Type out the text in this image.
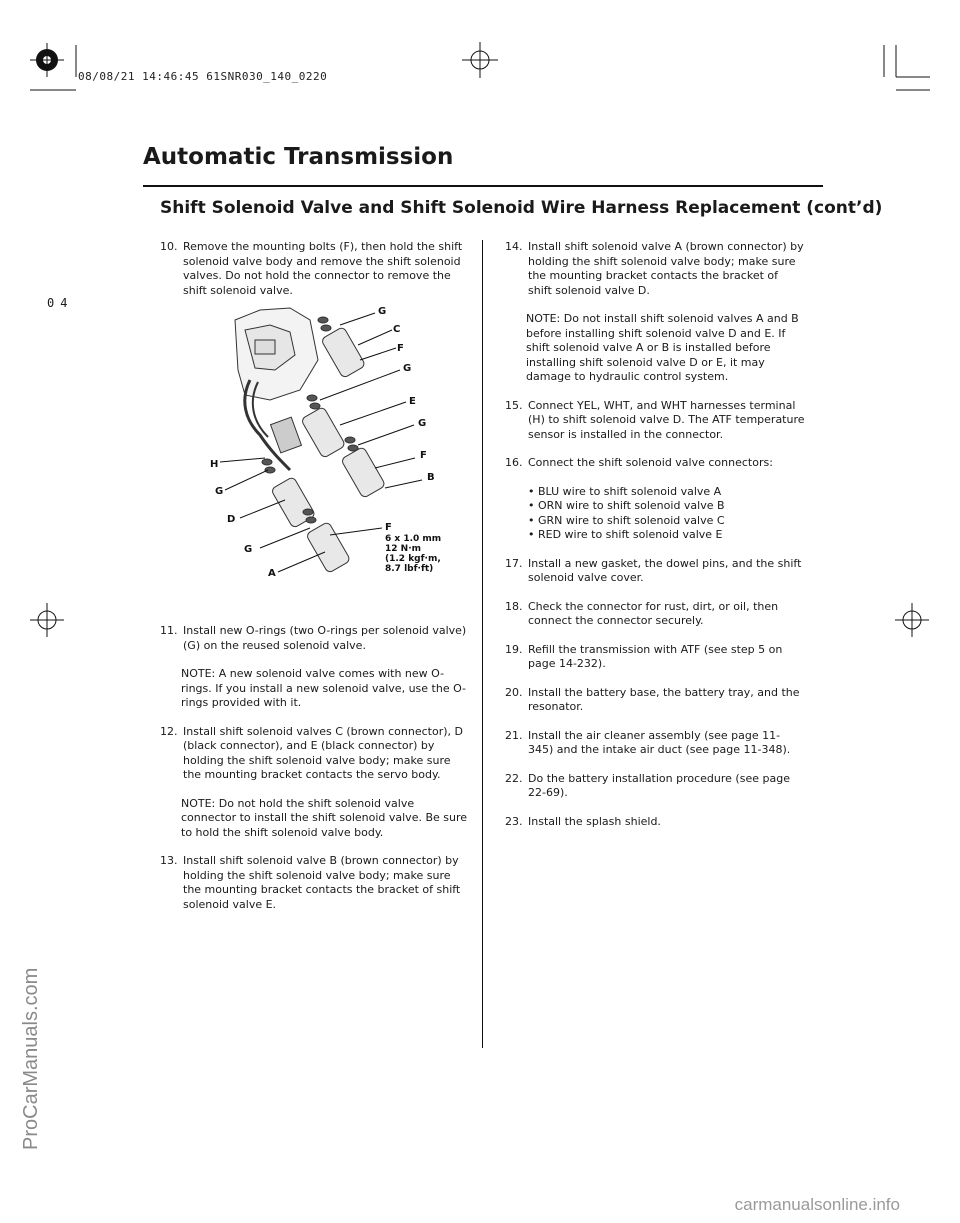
08/08/21 14:46:45 61SNR030_140_0220
04
ProCarManuals.com
Automatic Transmission
Shift Solenoid Valve and Shift Solenoid Wire Harness Replacement (cont’d)
10. Remove the mounting bolts (F), then hold the shift solenoid valve body and remove the shift solenoid valves. Do not hold the connector to remove the shift solenoid valve.
11. Install new O-rings (two O-rings per solenoid valve) (G) on the reused solenoid valve.
NOTE: A new solenoid valve comes with new O-rings. If you install a new solenoid valve, use the O-rings provided with it.
12. Install shift solenoid valves C (brown connector), D (black connector), and E (black connector) by holding the shift solenoid valve body; make sure the mounting bracket contacts the servo body.
NOTE: Do not hold the shift solenoid valve connector to install the shift solenoid valve. Be sure to hold the shift solenoid valve body.
13. Install shift solenoid valve B (brown connector) by holding the shift solenoid valve body; make sure the mounting bracket contacts the bracket of shift solenoid valve E.
G
C
F
G
E
G
F
B
H
G
D
F
G
A
6 x 1.0 mm
12 N·m
(1.2 kgf·m,
8.7 lbf·ft)
14. Install shift solenoid valve A (brown connector) by holding the shift solenoid valve body; make sure the mounting bracket contacts the bracket of shift solenoid valve D.
NOTE: Do not install shift solenoid valves A and B before installing shift solenoid valve D and E. If shift solenoid valve A or B is installed before installing shift solenoid valve D or E, it may damage to hydraulic control system.
15. Connect YEL, WHT, and WHT harnesses terminal (H) to shift solenoid valve D. The ATF temperature sensor is installed in the connector.
16. Connect the shift solenoid valve connectors:
• BLU wire to shift solenoid valve A
• ORN wire to shift solenoid valve B
• GRN wire to shift solenoid valve C
• RED wire to shift solenoid valve E
17. Install a new gasket, the dowel pins, and the shift solenoid valve cover.
18. Check the connector for rust, dirt, or oil, then connect the connector securely.
19. Refill the transmission with ATF (see step 5 on page 14-232).
20. Install the battery base, the battery tray, and the resonator.
21. Install the air cleaner assembly (see page 11-345) and the intake air duct (see page 11-348).
22. Do the battery installation procedure (see page 22-69).
23. Install the splash shield.
carmanualsonline.info
